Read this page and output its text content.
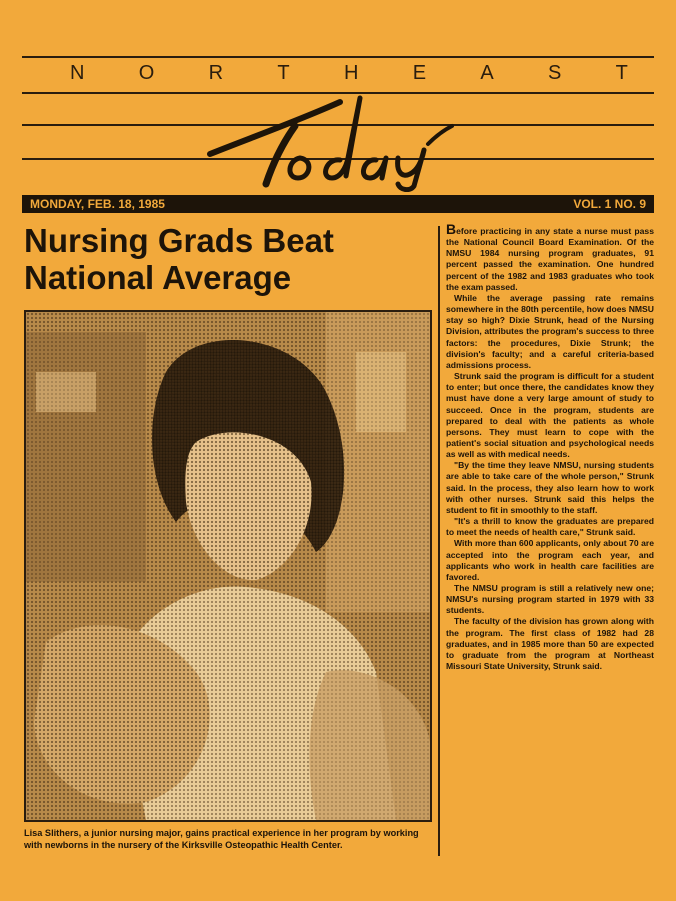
N	O	R	T	H	E	A	S	T
MONDAY, FEB. 18, 1985	VOL. 1 NO. 9
Nursing Grads Beat National Average
Lisa Slithers, a junior nursing major, gains practical experience in her program by working with newborns in the nursery of the Kirksville Osteopathic Health Center.

Before practicing in any state a nurse must pass the National Council Board Examination. Of the NMSU 1984 nursing program graduates, 91 percent passed the examination. One hundred percent of the 1982 and 1983 graduates who took the exam passed.

While the average passing rate remains somewhere in the 80th percentile, how does NMSU stay so high? Dixie Strunk, head of the Nursing Division, attributes the program's success to three factors: the procedures, Dixie Strunk; the division's faculty; and a careful criteria-based admissions process.

Strunk said the program is difficult for a student to enter; but once there, the candidates know they must have done a very large amount of study to succeed. Once in the program, students are prepared to deal with the patients as whole persons. They must learn to cope with the patient's social situation and psychological needs as well as with medical needs.

"By the time they leave NMSU, nursing students are able to take care of the whole person," Strunk said. In the process, they also learn how to work with other nurses. Strunk said this helps the student to fit in smoothly to the staff.

"It's a thrill to know the graduates are prepared to meet the needs of health care," Strunk said.

With more than 600 applicants, only about 70 are accepted into the program each year, and applicants who work in health care facilities are favored.

The NMSU program is still a relatively new one; NMSU's nursing program started in 1979 with 33 students.

The faculty of the division has grown along with the program. The first class of 1982 had 28 graduates, and in 1985 more than 50 are expected to graduate from the program at Northeast Missouri State University, Strunk said.
